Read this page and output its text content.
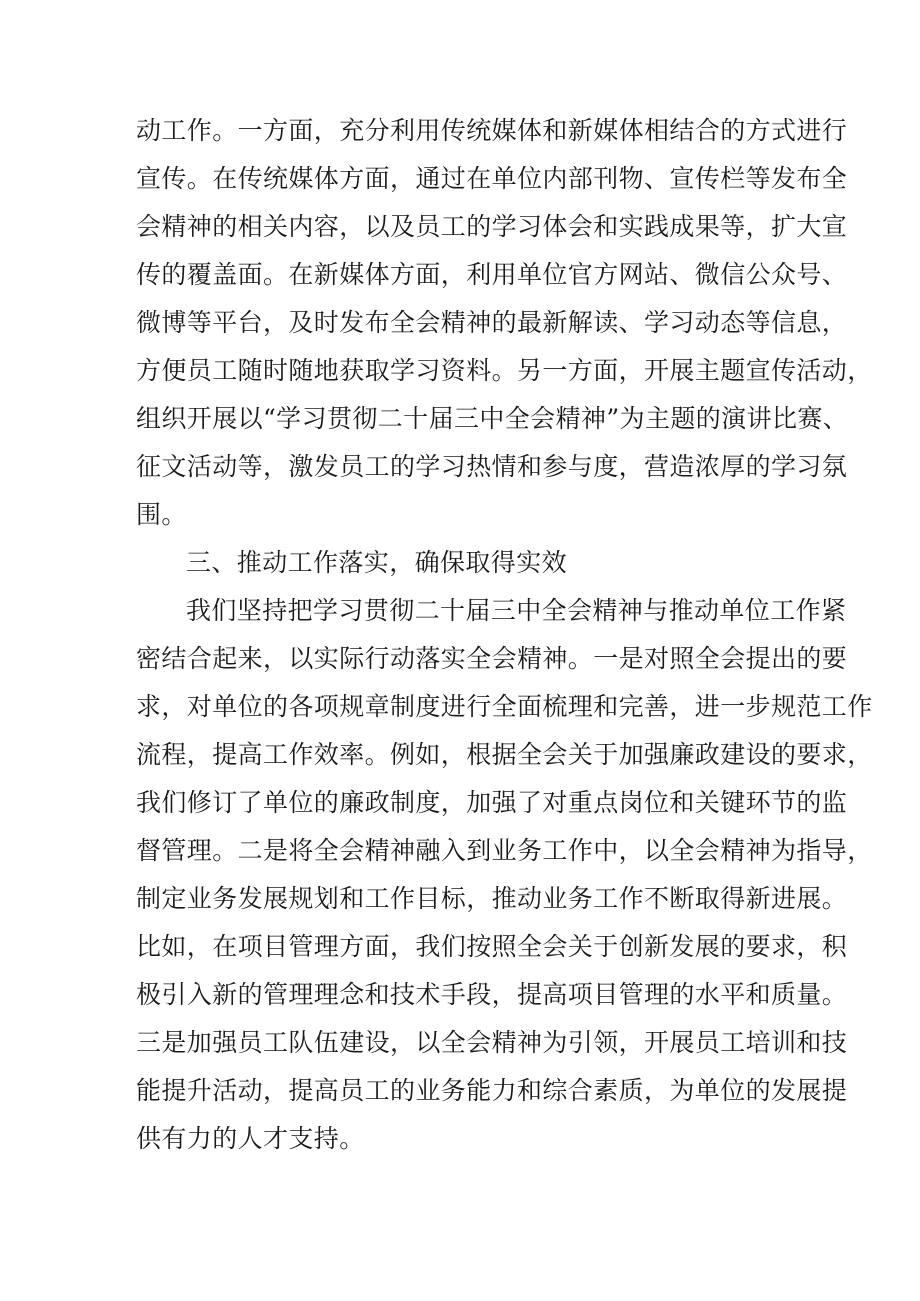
动工作。一方面，充分利用传统媒体和新媒体相结合的方式进行
宣传。在传统媒体方面，通过在单位内部刊物、宣传栏等发布全
会精神的相关内容，以及员工的学习体会和实践成果等，扩大宣
传的覆盖面。在新媒体方面，利用单位官方网站、微信公众号、
微博等平台，及时发布全会精神的最新解读、学习动态等信息，
方便员工随时随地获取学习资料。另一方面，开展主题宣传活动，
组织开展以“学习贯彻二十届三中全会精神”为主题的演讲比赛、
征文活动等，激发员工的学习热情和参与度，营造浓厚的学习氛
围。
三、推动工作落实，确保取得实效
我们坚持把学习贯彻二十届三中全会精神与推动单位工作紧
密结合起来，以实际行动落实全会精神。一是对照全会提出的要
求，对单位的各项规章制度进行全面梳理和完善，进一步规范工作
流程，提高工作效率。例如，根据全会关于加强廉政建设的要求，
我们修订了单位的廉政制度，加强了对重点岗位和关键环节的监
督管理。二是将全会精神融入到业务工作中，以全会精神为指导，
制定业务发展规划和工作目标，推动业务工作不断取得新进展。
比如，在项目管理方面，我们按照全会关于创新发展的要求，积
极引入新的管理理念和技术手段，提高项目管理的水平和质量。
三是加强员工队伍建设，以全会精神为引领，开展员工培训和技
能提升活动，提高员工的业务能力和综合素质，为单位的发展提
供有力的人才支持。
